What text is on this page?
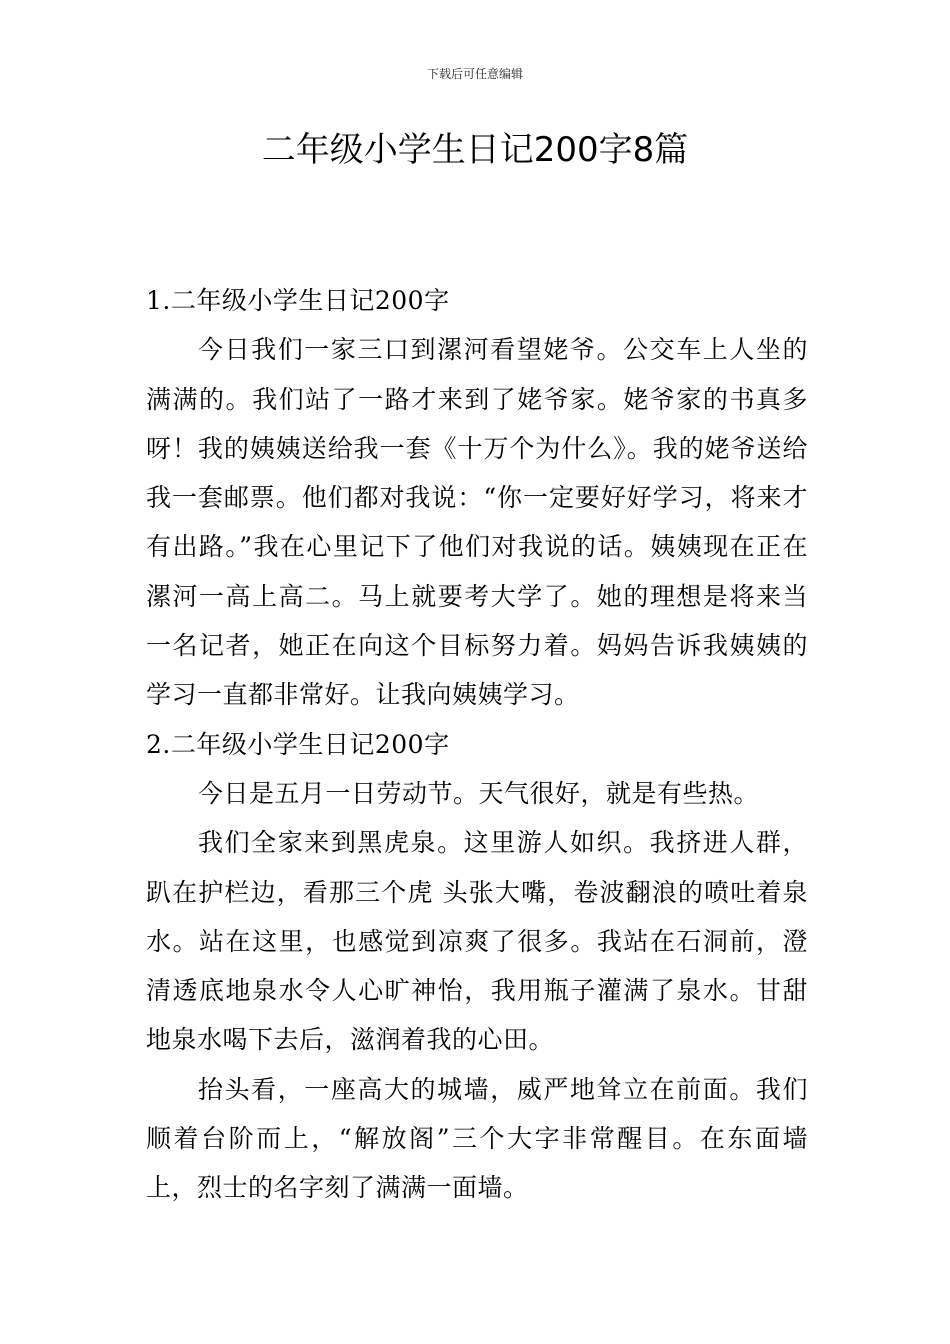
下载后可任意编辑
二年级小学生日记200字8篇

1.二年级小学生日记200字

今日我们一家三口到漯河看望姥爷。公交车上人坐的满满的。我们站了一路才来到了姥爷家。姥爷家的书真多呀！我的姨姨送给我一套《十万个为什么》。我的姥爷送给我一套邮票。他们都对我说：“你一定要好好学习，将来才有出路。”我在心里记下了他们对我说的话。姨姨现在正在漯河一高上高二。马上就要考大学了。她的理想是将来当一名记者，她正在向这个目标努力着。妈妈告诉我姨姨的学习一直都非常好。让我向姨姨学习。

2.二年级小学生日记200字

今日是五月一日劳动节。天气很好，就是有些热。

我们全家来到黑虎泉。这里游人如织。我挤进人群，趴在护栏边，看那三个虎 头张大嘴，卷波翻浪的喷吐着泉水。站在这里，也感觉到凉爽了很多。我站在石洞前，澄清透底地泉水令人心旷神怡，我用瓶子灌满了泉水。甘甜地泉水喝下去后，滋润着我的心田。

抬头看，一座高大的城墙，威严地耸立在前面。我们顺着台阶而上，“解放阁”三个大字非常醒目。在东面墙上，烈士的名字刻了满满一面墙。
